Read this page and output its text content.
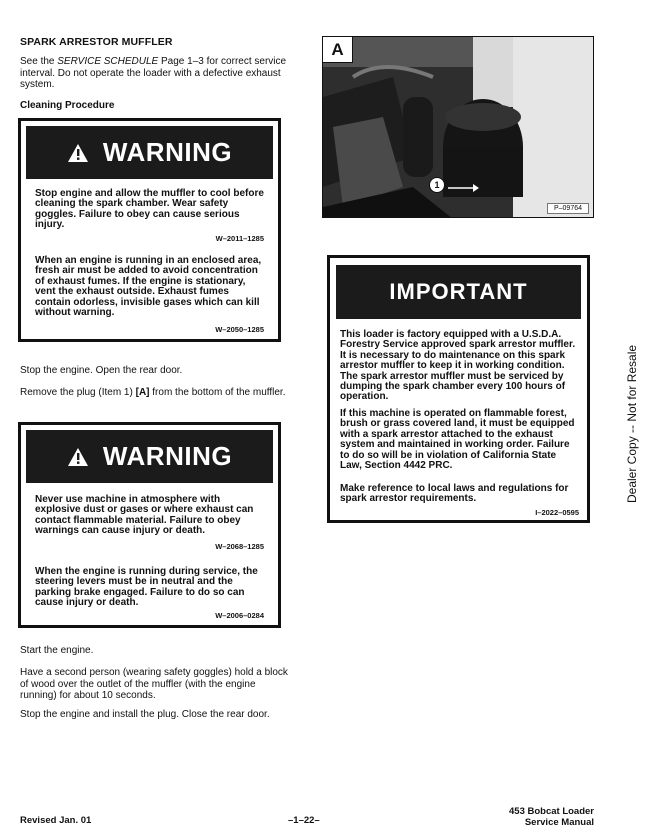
SPARK ARRESTOR MUFFLER
See the SERVICE SCHEDULE Page 1–3 for correct service interval. Do not operate the loader with a defective exhaust system.
Cleaning Procedure
WARNING
Stop engine and allow the muffler to cool before cleaning the spark chamber. Wear safety goggles. Failure to obey can cause serious injury.
W–2011–1285
When an engine is running in an enclosed area, fresh air must be added to avoid concentration of exhaust fumes. If the engine is stationary, vent the exhaust outside. Exhaust fumes contain odorless, invisible gases which can kill without warning.
W–2050–1285
Stop the engine. Open the rear door.
Remove the plug (Item 1) [A] from the bottom of the muffler.
WARNING
Never use machine in atmosphere with explosive dust or gases or where exhaust can contact flammable material. Failure to obey warnings can cause injury or death.
W–2068–1285
When the engine is running during service, the steering levers must be in neutral and the parking brake engaged. Failure to do so can cause injury or death.
W–2006–0284
Start the engine.
Have a second person (wearing safety goggles) hold a block of wood over the outlet of the muffler (with the engine running) for about 10 seconds.
Stop the engine and install the plug. Close the rear door.
A
P–09764
1
IMPORTANT
This loader is factory equipped with a U.S.D.A. Forestry Service approved spark arrestor muffler. It is necessary to do maintenance on this spark arrestor muffler to keep it in working condition. The spark arrestor muffler must be serviced by dumping the spark chamber every 100 hours of operation.
If this machine is operated on flammable forest, brush or grass covered land, it must be equipped with a spark arrestor attached to the exhaust system and maintained in working order. Failure to do so will be in violation of California State Law, Section 4442 PRC.
Make reference to local laws and regulations for spark arrestor requirements.
I–2022–0595
Dealer Copy -- Not for Resale
Revised Jan. 01	–1–22–
453 Bobcat Loader
Service Manual
